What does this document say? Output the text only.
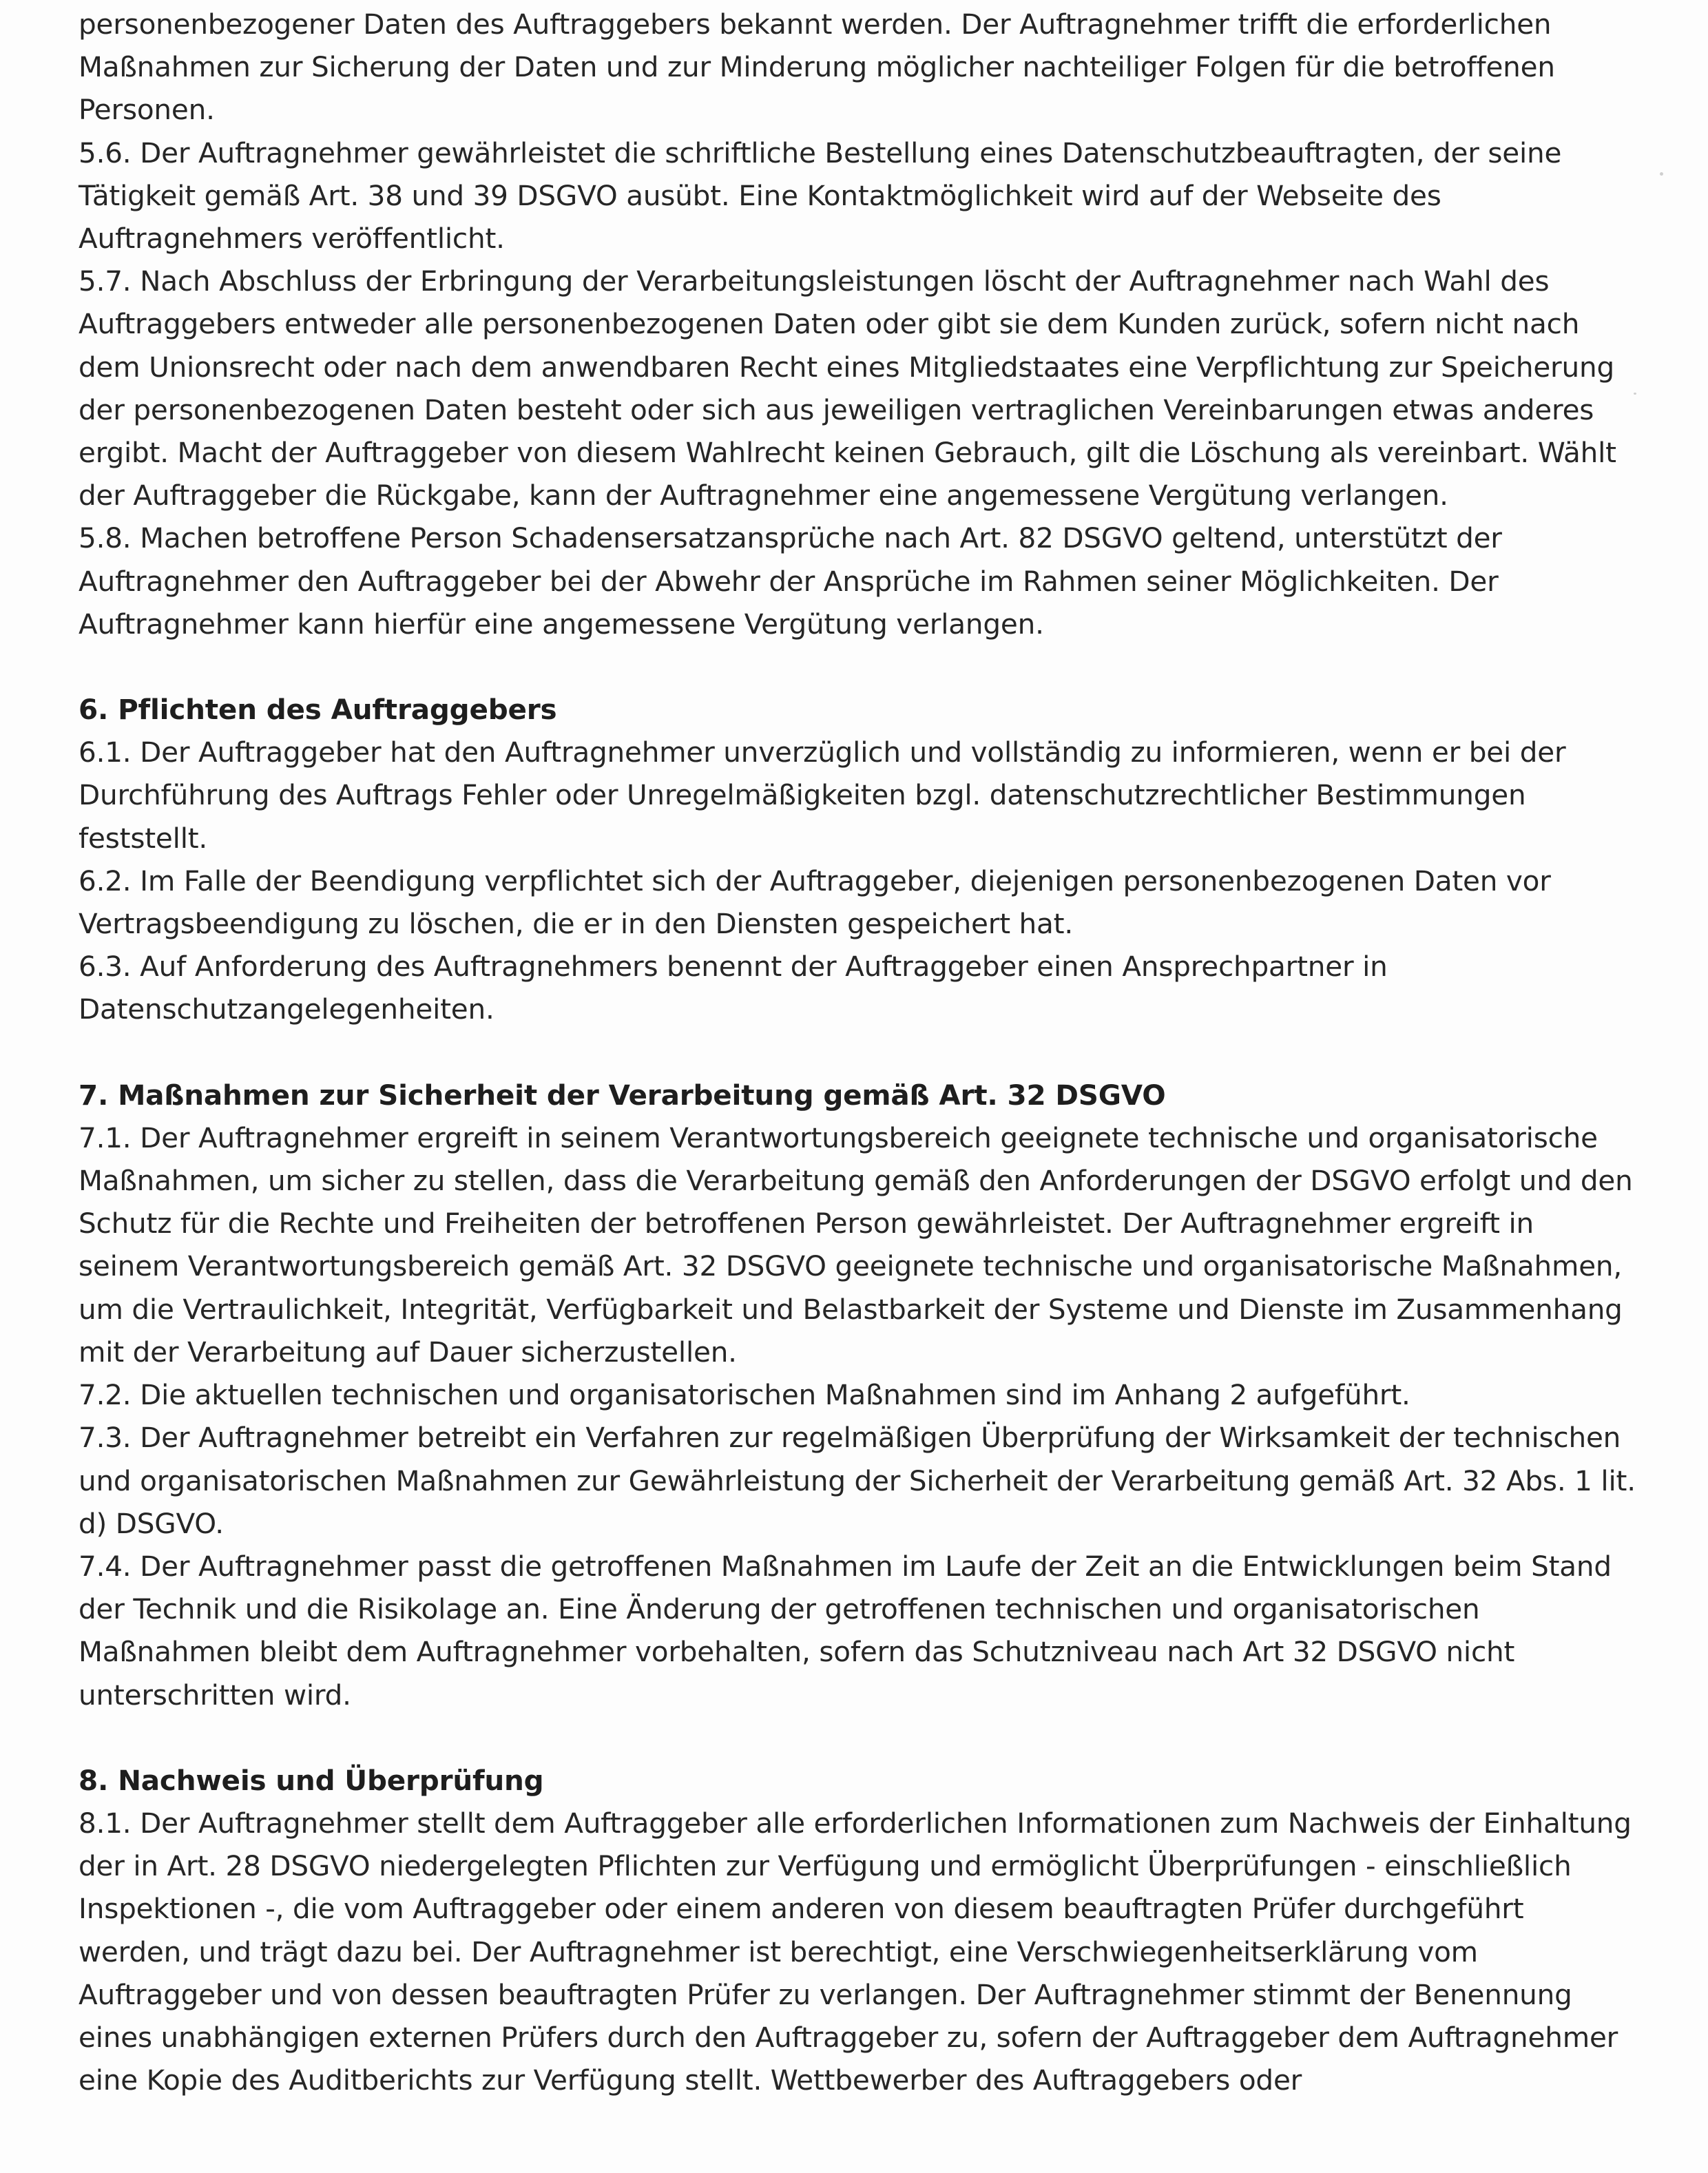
personenbezogener Daten des Auftraggebers bekannt werden. Der Auftragnehmer trifft die erforderlichen Maßnahmen zur Sicherung der Daten und zur Minderung möglicher nachteiliger Folgen für die betroffenen Personen.

5.6. Der Auftragnehmer gewährleistet die schriftliche Bestellung eines Datenschutzbeauftragten, der seine Tätigkeit gemäß Art. 38 und 39 DSGVO ausübt. Eine Kontaktmöglichkeit wird auf der Webseite des Auftragnehmers veröffentlicht.

5.7. Nach Abschluss der Erbringung der Verarbeitungsleistungen löscht der Auftragnehmer nach Wahl des Auftraggebers entweder alle personenbezogenen Daten oder gibt sie dem Kunden zurück, sofern nicht nach dem Unionsrecht oder nach dem anwendbaren Recht eines Mitgliedstaates eine Verpflichtung zur Speicherung der personenbezogenen Daten besteht oder sich aus jeweiligen vertraglichen Vereinbarungen etwas anderes ergibt. Macht der Auftraggeber von diesem Wahlrecht keinen Gebrauch, gilt die Löschung als vereinbart. Wählt der Auftraggeber die Rückgabe, kann der Auftragnehmer eine angemessene Vergütung verlangen.

5.8. Machen betroffene Person Schadensersatzansprüche nach Art. 82 DSGVO geltend, unterstützt der Auftragnehmer den Auftraggeber bei der Abwehr der Ansprüche im Rahmen seiner Möglichkeiten. Der Auftragnehmer kann hierfür eine angemessene Vergütung verlangen.

6. Pflichten des Auftraggebers

6.1. Der Auftraggeber hat den Auftragnehmer unverzüglich und vollständig zu informieren, wenn er bei der Durchführung des Auftrags Fehler oder Unregelmäßigkeiten bzgl. datenschutzrechtlicher Bestimmungen feststellt.

6.2. Im Falle der Beendigung verpflichtet sich der Auftraggeber, diejenigen personenbezogenen Daten vor Vertragsbeendigung zu löschen, die er in den Diensten gespeichert hat.

6.3. Auf Anforderung des Auftragnehmers benennt der Auftraggeber einen Ansprechpartner in Datenschutzangelegenheiten.

7. Maßnahmen zur Sicherheit der Verarbeitung gemäß Art. 32 DSGVO

7.1. Der Auftragnehmer ergreift in seinem Verantwortungsbereich geeignete technische und organisatorische Maßnahmen, um sicher zu stellen, dass die Verarbeitung gemäß den Anforderungen der DSGVO erfolgt und den Schutz für die Rechte und Freiheiten der betroffenen Person gewährleistet. Der Auftragnehmer ergreift in seinem Verantwortungsbereich gemäß Art. 32 DSGVO geeignete technische und organisatorische Maßnahmen, um die Vertraulichkeit, Integrität, Verfügbarkeit und Belastbarkeit der Systeme und Dienste im Zusammenhang mit der Verarbeitung auf Dauer sicherzustellen.

7.2. Die aktuellen technischen und organisatorischen Maßnahmen sind im Anhang 2 aufgeführt.

7.3. Der Auftragnehmer betreibt ein Verfahren zur regelmäßigen Überprüfung der Wirksamkeit der technischen und organisatorischen Maßnahmen zur Gewährleistung der Sicherheit der Verarbeitung gemäß Art. 32 Abs. 1 lit. d) DSGVO.

7.4. Der Auftragnehmer passt die getroffenen Maßnahmen im Laufe der Zeit an die Entwicklungen beim Stand der Technik und die Risikolage an. Eine Änderung der getroffenen technischen und organisatorischen Maßnahmen bleibt dem Auftragnehmer vorbehalten, sofern das Schutzniveau nach Art 32 DSGVO nicht unterschritten wird.

8. Nachweis und Überprüfung

8.1. Der Auftragnehmer stellt dem Auftraggeber alle erforderlichen Informationen zum Nachweis der Einhaltung der in Art. 28 DSGVO niedergelegten Pflichten zur Verfügung und ermöglicht Überprüfungen - einschließlich Inspektionen -, die vom Auftraggeber oder einem anderen von diesem beauftragten Prüfer durchgeführt werden, und trägt dazu bei. Der Auftragnehmer ist berechtigt, eine Verschwiegenheitserklärung vom Auftraggeber und von dessen beauftragten Prüfer zu verlangen. Der Auftragnehmer stimmt der Benennung eines unabhängigen externen Prüfers durch den Auftraggeber zu, sofern der Auftraggeber dem Auftragnehmer eine Kopie des Auditberichts zur Verfügung stellt. Wettbewerber des Auftraggebers oder
